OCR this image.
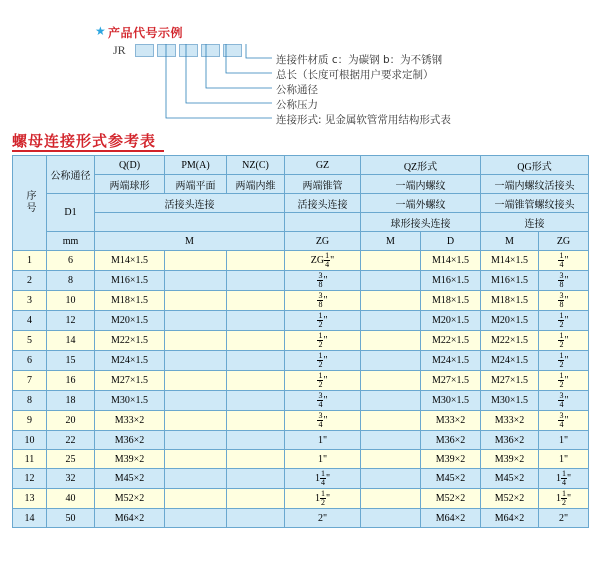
★ 产品代号示例
JR
连接件材质 c：为碳钢 b：为不锈钢
总长（长度可根据用户要求定制）
公称通径
公称压力
连接形式: 见金属软管常用结构形式表
螺母连接形式参考表
序号	公称通径	Q(D)	PM(A)	NZ(C)	GZ	QZ形式		QG形式	
		两端球形	两端平面	两端内维	两端锥管	一端内螺纹		一端内螺纹活接头	
	D1	活接头连接			活接头连接	一端外螺纹		一端锥管螺纹接头	
						球形接头连接		连接	
	mm	M			ZG	M	D	M	ZG
1	6	M14×1.5			ZG $\frac{1}{4}$ "		M14×1.5	M14×1.5	$\frac{1}{4}$ "
2	8	M16×1.5			$\frac{3}{8}$ "		M16×1.5	M16×1.5	$\frac{3}{8}$ "
3	10	M18×1.5			$\frac{3}{8}$ "		M18×1.5	M18×1.5	$\frac{3}{8}$ "
4	12	M20×1.5			$\frac{1}{2}$ "		M20×1.5	M20×1.5	$\frac{1}{2}$ "
5	14	M22×1.5			$\frac{1}{2}$ "		M22×1.5	M22×1.5	$\frac{1}{2}$ "
6	15	M24×1.5			$\frac{1}{2}$ "		M24×1.5	M24×1.5	$\frac{1}{2}$ "
7	16	M27×1.5			$\frac{1}{2}$ "		M27×1.5	M27×1.5	$\frac{1}{2}$ "
8	18	M30×1.5			$\frac{3}{4}$ "		M30×1.5	M30×1.5	$\frac{3}{4}$ "
9	20	M33×2			$\frac{3}{4}$ "		M33×2	M33×2	$\frac{3}{4}$ "
10	22	M36×2			1"		M36×2	M36×2	1"
11	25	M39×2			1"		M39×2	M39×2	1"
12	32	M45×2			$1 \frac{1}{4}$ "		M45×2	M45×2	$1 \frac{1}{4}$ "
13	40	M52×2			$1 \frac{1}{2}$ "		M52×2	M52×2	$1 \frac{1}{2}$ "
14	50	M64×2			2"		M64×2	M64×2	2"
